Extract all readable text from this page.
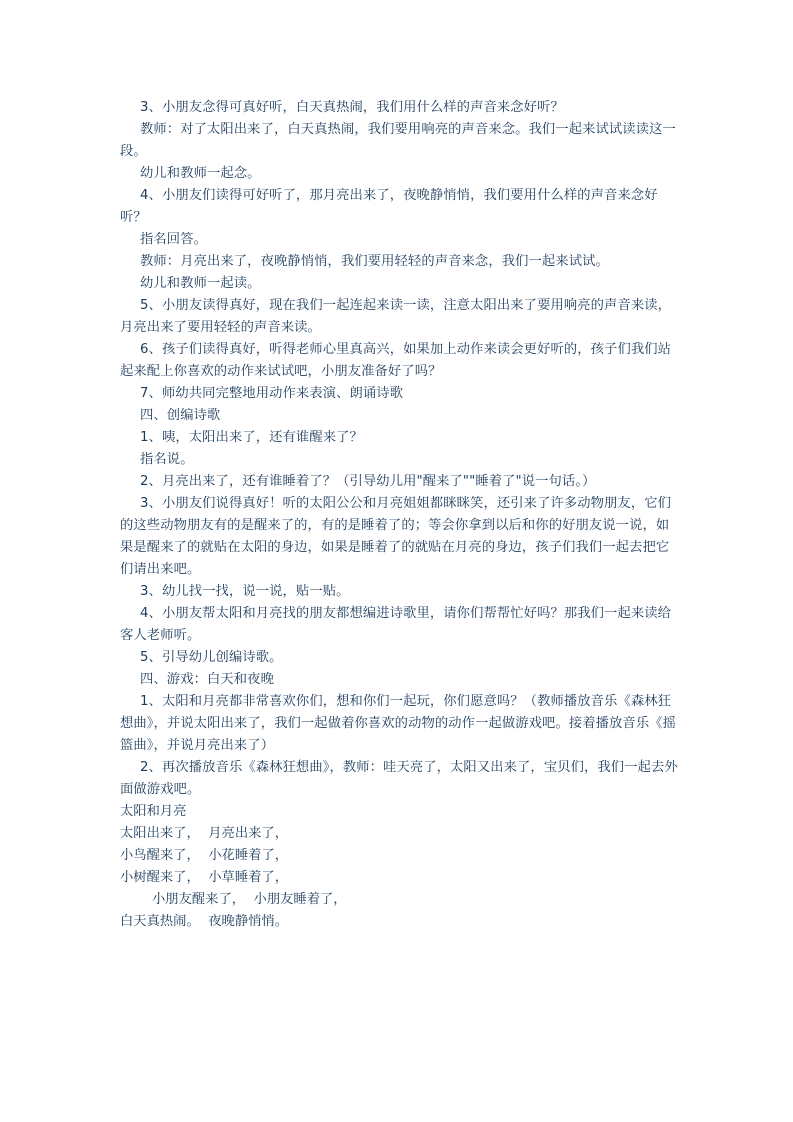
3、小朋友念得可真好听，白天真热闹，我们用什么样的声音来念好听？

教师：对了太阳出来了，白天真热闹，我们要用响亮的声音来念。我们一起来试试读读这一段。

幼儿和教师一起念。

4、小朋友们读得可好听了，那月亮出来了，夜晚静悄悄，我们要用什么样的声音来念好听？

指名回答。

教师：月亮出来了，夜晚静悄悄，我们要用轻轻的声音来念，我们一起来试试。

幼儿和教师一起读。

5、小朋友读得真好，现在我们一起连起来读一读，注意太阳出来了要用响亮的声音来读，月亮出来了要用轻轻的声音来读。

6、孩子们读得真好，听得老师心里真高兴，如果加上动作来读会更好听的，孩子们我们站起来配上你喜欢的动作来试试吧，小朋友准备好了吗？

7、师幼共同完整地用动作来表演、朗诵诗歌

四、创编诗歌

1、咦，太阳出来了，还有谁醒来了？

指名说。

2、月亮出来了，还有谁睡着了？（引导幼儿用"醒来了""睡着了"说一句话。）

3、小朋友们说得真好！听的太阳公公和月亮姐姐都眯眯笑，还引来了许多动物朋友，它们的这些动物朋友有的是醒来了的，有的是睡着了的；等会你拿到以后和你的好朋友说一说，如果是醒来了的就贴在太阳的身边，如果是睡着了的就贴在月亮的身边，孩子们我们一起去把它们请出来吧。

3、幼儿找一找，说一说，贴一贴。

4、小朋友帮太阳和月亮找的朋友都想编进诗歌里，请你们帮帮忙好吗？那我们一起来读给客人老师听。

5、引导幼儿创编诗歌。

四、游戏：白天和夜晚

1、太阳和月亮都非常喜欢你们，想和你们一起玩，你们愿意吗？（教师播放音乐《森林狂想曲》，并说太阳出来了，我们一起做着你喜欢的动物的动作一起做游戏吧。接着播放音乐《摇篮曲》，并说月亮出来了）

2、再次播放音乐《森林狂想曲》，教师：哇天亮了，太阳又出来了，宝贝们，我们一起去外面做游戏吧。

太阳和月亮

太阳出来了，  月亮出来了，

小鸟醒来了，  小花睡着了，

小树醒来了，  小草睡着了，

小朋友醒来了，  小朋友睡着了，

白天真热闹。  夜晚静悄悄。
